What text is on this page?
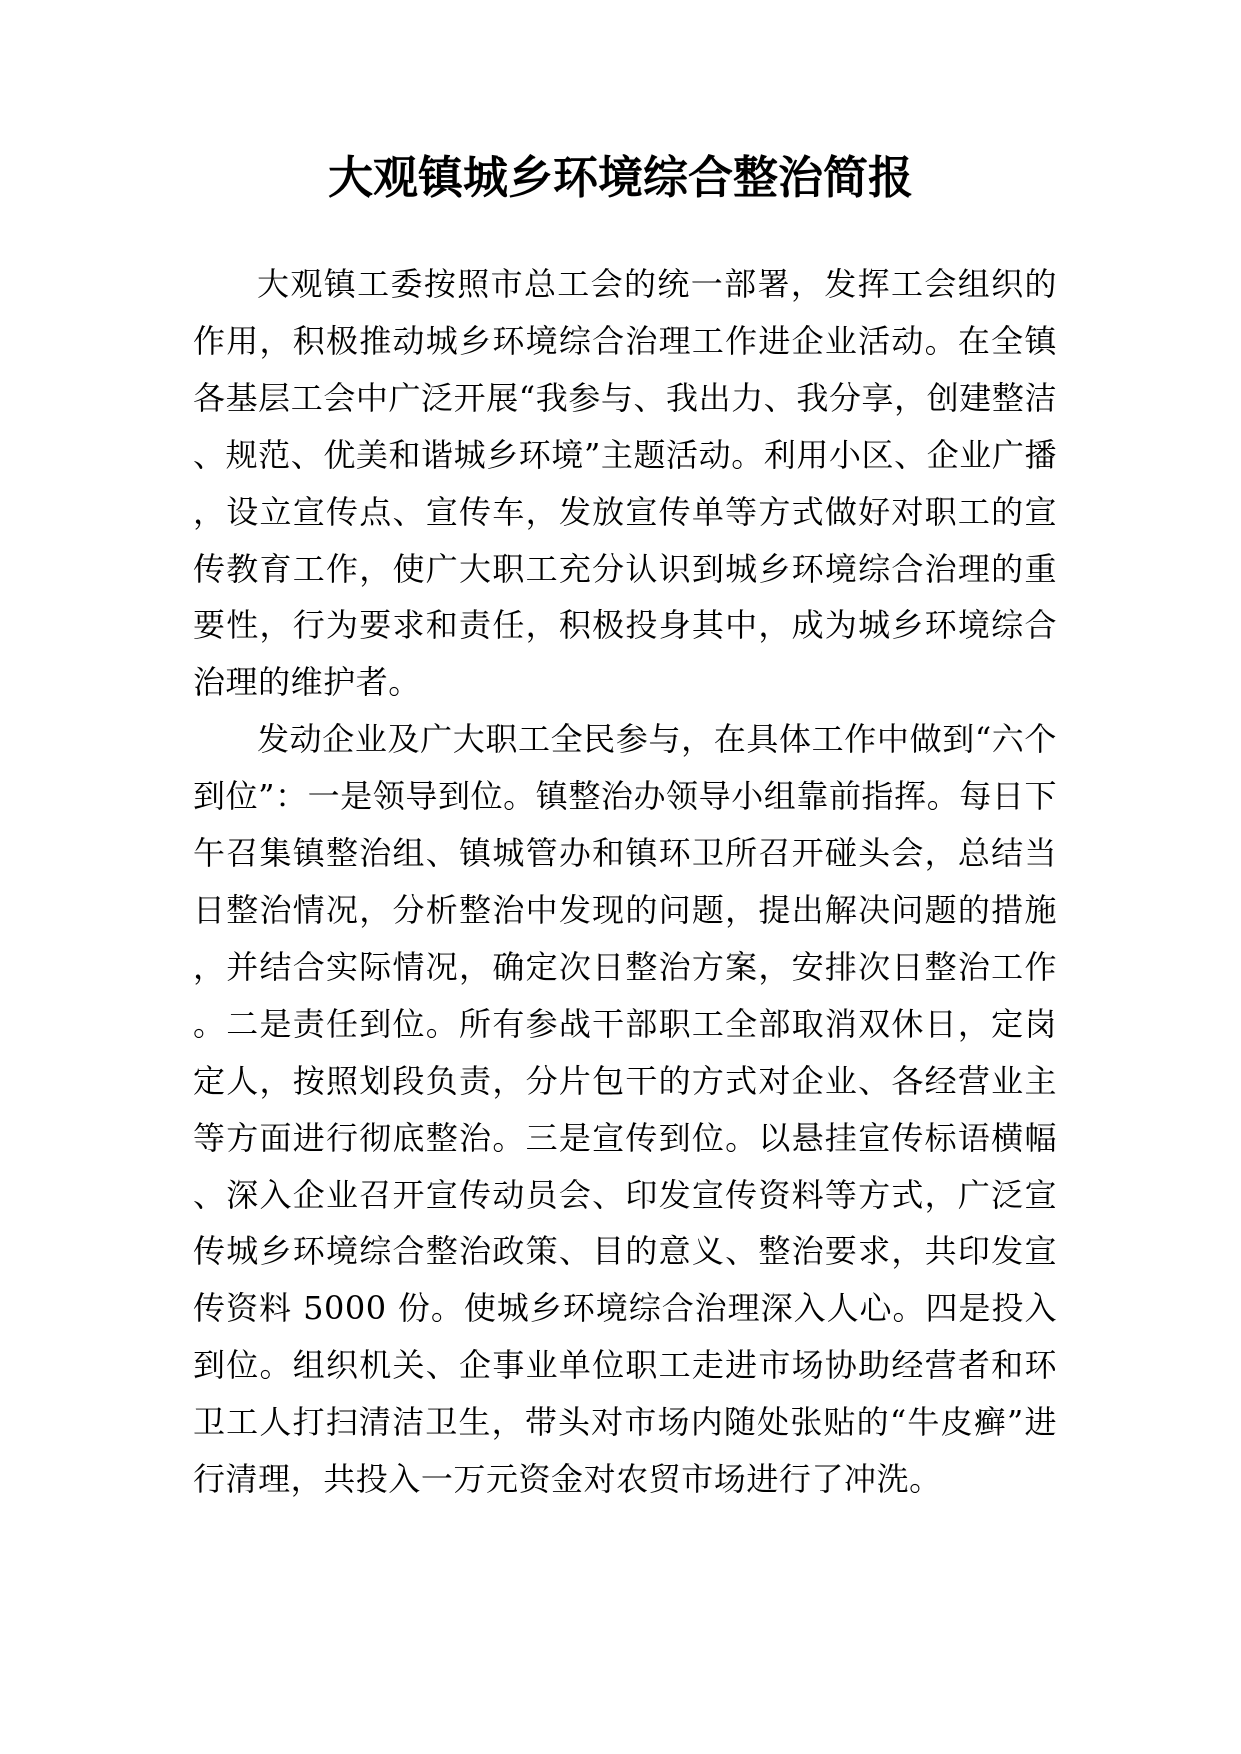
大观镇城乡环境综合整治简报

大观镇工委按照市总工会的统一部署，发挥工会组织的作用，积极推动城乡环境综合治理工作进企业活动。在全镇各基层工会中广泛开展“我参与、我出力、我分享，创建整洁、规范、优美和谐城乡环境”主题活动。利用小区、企业广播，设立宣传点、宣传车，发放宣传单等方式做好对职工的宣传教育工作，使广大职工充分认识到城乡环境综合治理的重要性，行为要求和责任，积极投身其中，成为城乡环境综合治理的维护者。

发动企业及广大职工全民参与，在具体工作中做到“六个到位”：一是领导到位。镇整治办领导小组靠前指挥。每日下午召集镇整治组、镇城管办和镇环卫所召开碰头会，总结当日整治情况，分析整治中发现的问题，提出解决问题的措施，并结合实际情况，确定次日整治方案，安排次日整治工作。二是责任到位。所有参战干部职工全部取消双休日，定岗定人，按照划段负责，分片包干的方式对企业、各经营业主等方面进行彻底整治。三是宣传到位。以悬挂宣传标语横幅、深入企业召开宣传动员会、印发宣传资料等方式，广泛宣传城乡环境综合整治政策、目的意义、整治要求，共印发宣传资料 5000 份。使城乡环境综合治理深入人心。四是投入到位。组织机关、企事业单位职工走进市场协助经营者和环卫工人打扫清洁卫生，带头对市场内随处张贴的“牛皮癣”进行清理，共投入一万元资金对农贸市场进行了冲洗。
